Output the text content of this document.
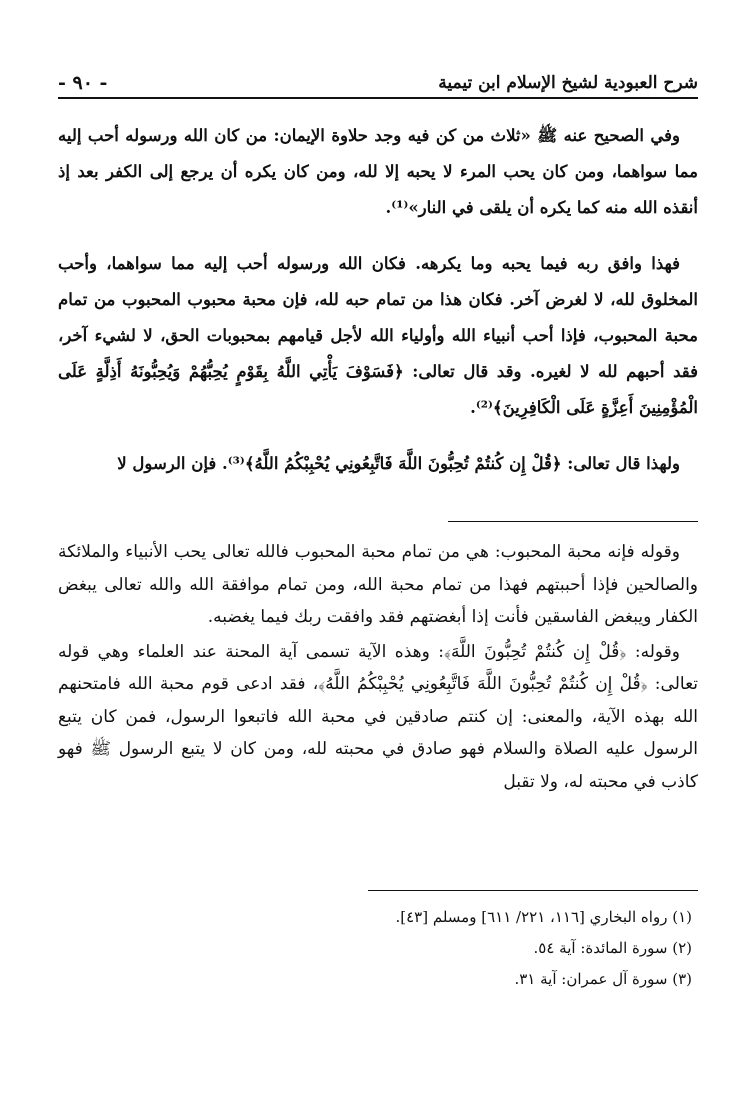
شرح العبودية لشيخ الإسلام ابن تيمية
- ٩٠ -

وفي الصحيح عنه ﷺ «ثلاث من كن فيه وجد حلاوة الإيمان: من كان الله ورسوله أحب إليه مما سواهما، ومن كان يحب المرء لا يحبه إلا لله، ومن كان يكره أن يرجع إلى الكفر بعد إذ أنقذه الله منه كما يكره أن يلقى في النار»⁽¹⁾.

فهذا وافق ربه فيما يحبه وما يكرهه. فكان الله ورسوله أحب إليه مما سواهما، وأحب المخلوق لله، لا لغرض آخر. فكان هذا من تمام حبه لله، فإن محبة محبوب المحبوب من تمام محبة المحبوب، فإذا أحب أنبياء الله وأولياء الله لأجل قيامهم بمحبوبات الحق، لا لشيء آخر، فقد أحبهم لله لا لغيره. وقد قال تعالى: ﴿فَسَوْفَ يَأْتِي اللَّهُ بِقَوْمٍ يُحِبُّهُمْ وَيُحِبُّونَهُ أَذِلَّةٍ عَلَى الْمُؤْمِنِينَ أَعِزَّةٍ عَلَى الْكَافِرِينَ﴾⁽²⁾.

ولهذا قال تعالى: ﴿قُلْ إِن كُنتُمْ تُحِبُّونَ اللَّهَ فَاتَّبِعُونِي يُحْبِبْكُمُ اللَّهُ﴾⁽³⁾. فإن الرسول لا

وقوله فإنه محبة المحبوب: هي من تمام محبة المحبوب فالله تعالى يحب الأنبياء والملائكة والصالحين فإذا أحببتهم فهذا من تمام محبة الله، ومن تمام موافقة الله والله تعالى يبغض الكفار ويبغض الفاسقين فأنت إذا أبغضتهم فقد وافقت ربك فيما يغضبه.

وقوله: ﴿قُلْ إِن كُنتُمْ تُحِبُّونَ اللَّهَ﴾: وهذه الآية تسمى آية المحنة عند العلماء وهي قوله تعالى: ﴿قُلْ إِن كُنتُمْ تُحِبُّونَ اللَّهَ فَاتَّبِعُونِي يُحْبِبْكُمُ اللَّهُ﴾، فقد ادعى قوم محبة الله فامتحنهم الله بهذه الآية، والمعنى: إن كنتم صادقين في محبة الله فاتبعوا الرسول، فمن كان يتبع الرسول عليه الصلاة والسلام فهو صادق في محبته لله، ومن كان لا يتبع الرسول ﷺ فهو كاذب في محبته له، ولا تقبل

(١) رواه البخاري [١١٦، ٢٢١/ ٦١١] ومسلم [٤٣].
(٢) سورة المائدة: آية ٥٤.
(٣) سورة آل عمران: آية ٣١.
